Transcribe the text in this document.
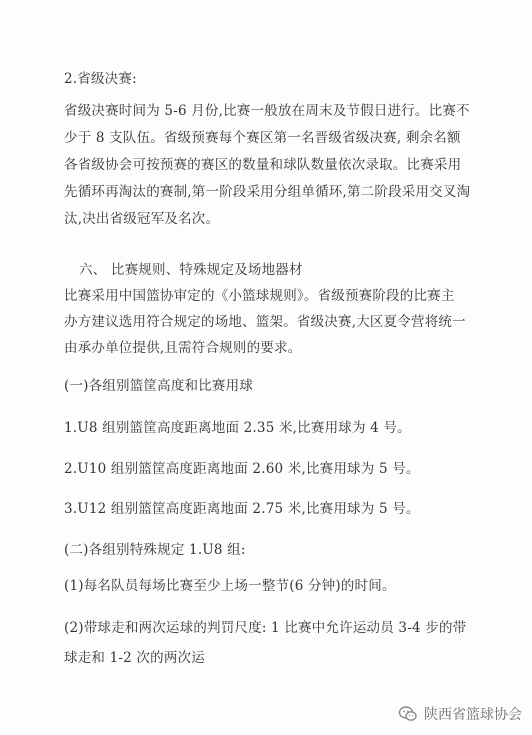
2.省级决赛:
省级决赛时间为 5-6 月份,比赛一般放在周末及节假日进行。比赛不
少于 8 支队伍。省级预赛每个赛区第一名晋级省级决赛, 剩余名额
各省级协会可按预赛的赛区的数量和球队数量依次录取。比赛采用
先循环再淘汰的赛制,第一阶段采用分组单循环,第二阶段采用交叉淘
汰,决出省级冠军及名次。
六、 比赛规则、特殊规定及场地器材
比赛采用中国篮协审定的《小篮球规则》。省级预赛阶段的比赛主
办方建议选用符合规定的场地、篮架。省级决赛,大区夏令营将统一
由承办单位提供,且需符合规则的要求。
(一)各组别篮筐高度和比赛用球
1.U8 组别篮筐高度距离地面 2.35 米,比赛用球为 4 号。
2.U10 组别篮筐高度距离地面 2.60 米,比赛用球为 5 号。
3.U12 组别篮筐高度距离地面 2.75 米,比赛用球为 5 号。
(二)各组别特殊规定 1.U8 组:
(1)每名队员每场比赛至少上场一整节(6 分钟)的时间。
(2)带球走和两次运球的判罚尺度: 1 比赛中允许运动员 3-4 步的带
球走和 1-2 次的两次运
陕西省篮球协会
